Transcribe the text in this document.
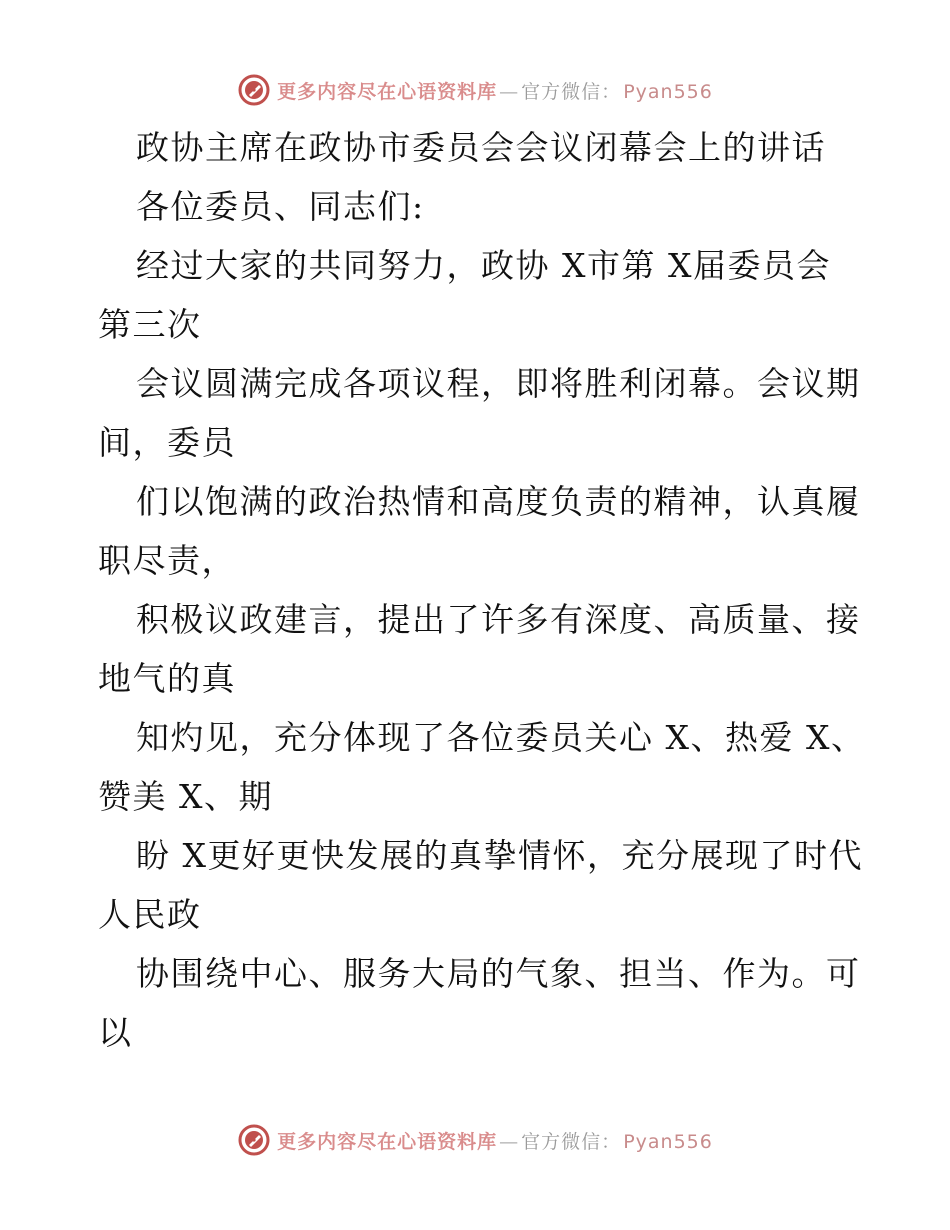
更多内容尽在心语资料库 — 官方微信： Pyan556
政协主席在政协市委员会会议闭幕会上的讲话
各位委员、同志们:
经过大家的共同努力，政协 X市第 X届委员会
第三次
会议圆满完成各项议程，即将胜利闭幕。会议期
间，委员
们以饱满的政治热情和高度负责的精神，认真履
职尽责，
积极议政建言，提出了许多有深度、高质量、接
地气的真
知灼见，充分体现了各位委员关心 X、热爱 X、
赞美 X、期
盼 X更好更快发展的真挚情怀，充分展现了时代
人民政
协围绕中心、服务大局的气象、担当、作为。可
以
更多内容尽在心语资料库 — 官方微信： Pyan556
